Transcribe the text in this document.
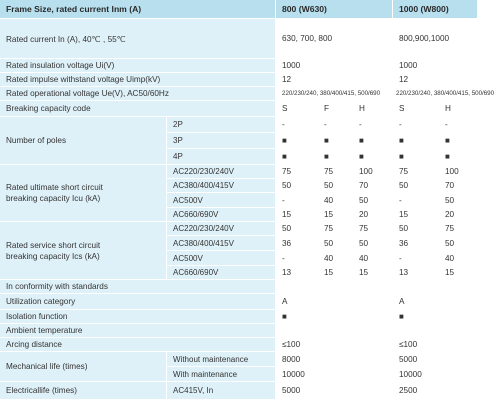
Frame Size, rated current Inm (A)	800 (W630)	1000 (W800)
Rated current In (A), 40℃ , 55℃	630, 700, 800	800,900,1000
Rated insulation voltage Ui(V)	1000	1000
Rated impulse withstand voltage Uimp(kV)	12	12
Rated operational voltage Ue(V), AC50/60Hz	220/230/240, 380/400/415, 500/690	220/230/240, 380/400/415, 500/690
Breaking capacity code	S	F	H	S	H
Number of poles
2P	-	-	-	-	-
3P	■	■	■	■	■
4P	■	■	■	■	■
Rated ultimate short circuit
breaking capacity Icu (kA)
AC220/230/240V	75	75	100	75	100
AC380/400/415V	50	50	70	50	70
AC500V	-	40	50	-	50
AC660/690V	15	15	20	15	20
Rated service short circuit
breaking capacity Ics (kA)
AC220/230/240V	50	75	75	50	75
AC380/400/415V	36	50	50	36	50
AC500V	-	40	40	-	40
AC660/690V	13	15	15	13	15
In conformity with standards
Utilization category	A	A
Isolation function	■	■
Ambient temperature
Arcing distance	≤100	≤100
Mechanical life (times)
Without maintenance	8000	5000
With maintenance	10000	10000
Electricallife (times)	AC415V, In	5000	2500
